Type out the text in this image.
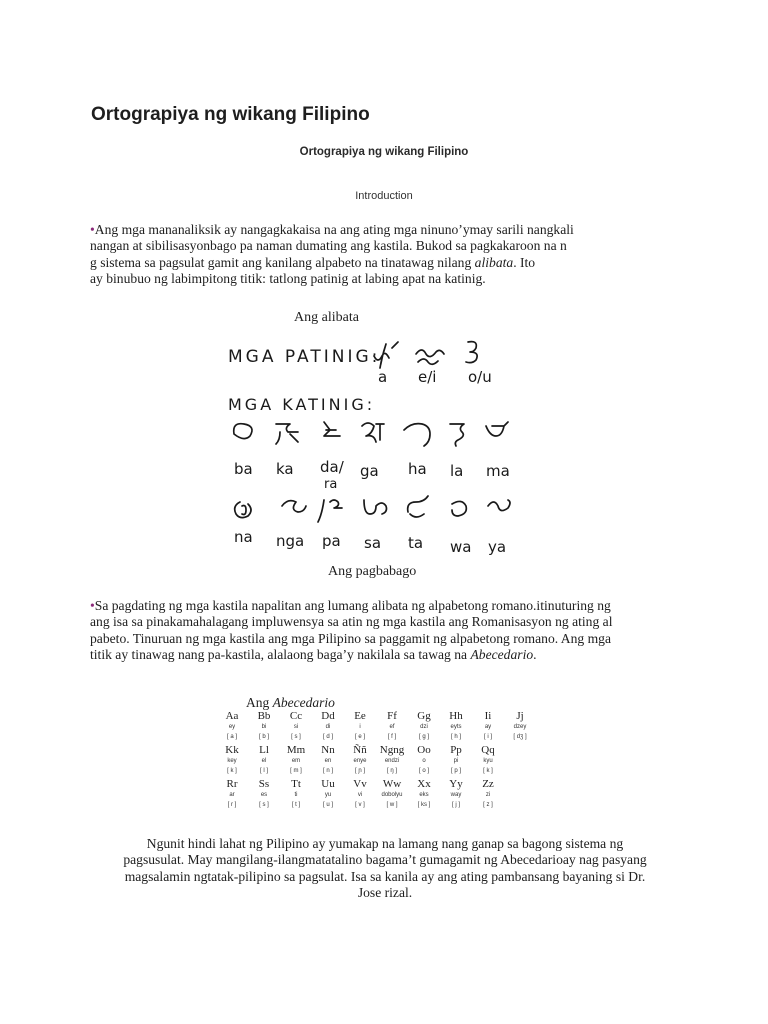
Ortograpiya ng wikang Filipino
Ortograpiya ng wikang Filipino
Introduction
•Ang mga mananaliksik ay nangagkakaisa na ang ating mga ninuno’ymay sarili nangkali
nangan at sibilisasyonbago pa naman dumating ang kastila. Bukod sa pagkakaroon na n
g sistema sa pagsulat gamit ang kanilang alpabeto na tinatawag nilang alibata. Ito
ay binubuo ng labimpitong titik: tatlong patinig at labing apat na katinig.
Ang alibata
MGA PATINIG:
a e/i o/u
MGA KATINIG:
ba ka da/
ra
ga ha la ma
na nga pa sa ta wa ya
Ang pagbabago
•Sa pagdating ng mga kastila napalitan ang lumang alibata ng alpabetong romano.itinuturing ng
ang isa sa pinakamahalagang impluwensya sa atin ng mga kastila ang Romanisasyon ng ating al
pabeto. Tinuruan ng mga kastila ang mga Pilipino sa paggamit ng alpabetong romano. Ang mga
titik ay tinawag nang pa-kastila, alalaong baga’y nakilala sa tawag na Abecedario.
Ang Abecedario
Aa
ey
[ a ]
Bb
bi
[ b ]
Cc
si
[ s ]
Dd
di
[ d ]
Ee
i
[ e ]
Ff
ef
[ f ]
Gg
dzi
[ g ]
Hh
eyts
[ h ]
Ii
ay
[ i ]
Jj
dzey
[ dʒ ]
Kk
key
[ k ]
Ll
el
[ l ]
Mm
em
[ m ]
Nn
en
[ n ]
Ññ
enye
[ ɲ ]
Ngng
endzi
[ ŋ ]
Oo
o
[ o ]
Pp
pi
[ p ]
Qq
kyu
[ k ]
Rr
ar
[ r ]
Ss
es
[ s ]
Tt
ti
[ t ]
Uu
yu
[ u ]
Vv
vi
[ v ]
Ww
dobolyu
[ w ]
Xx
eks
[ ks ]
Yy
way
[ j ]
Zz
zi
[ z ]
Ngunit hindi lahat ng Pilipino ay yumakap na lamang nang ganap sa bagong sistema ng
pagsusulat. May mangilang-ilangmatatalino bagama’t gumagamit ng Abecedarioay nag pasyang
magsalamin ngtatak-pilipino sa pagsulat. Isa sa kanila ay ang ating pambansang bayaning si Dr.
Jose rizal.
